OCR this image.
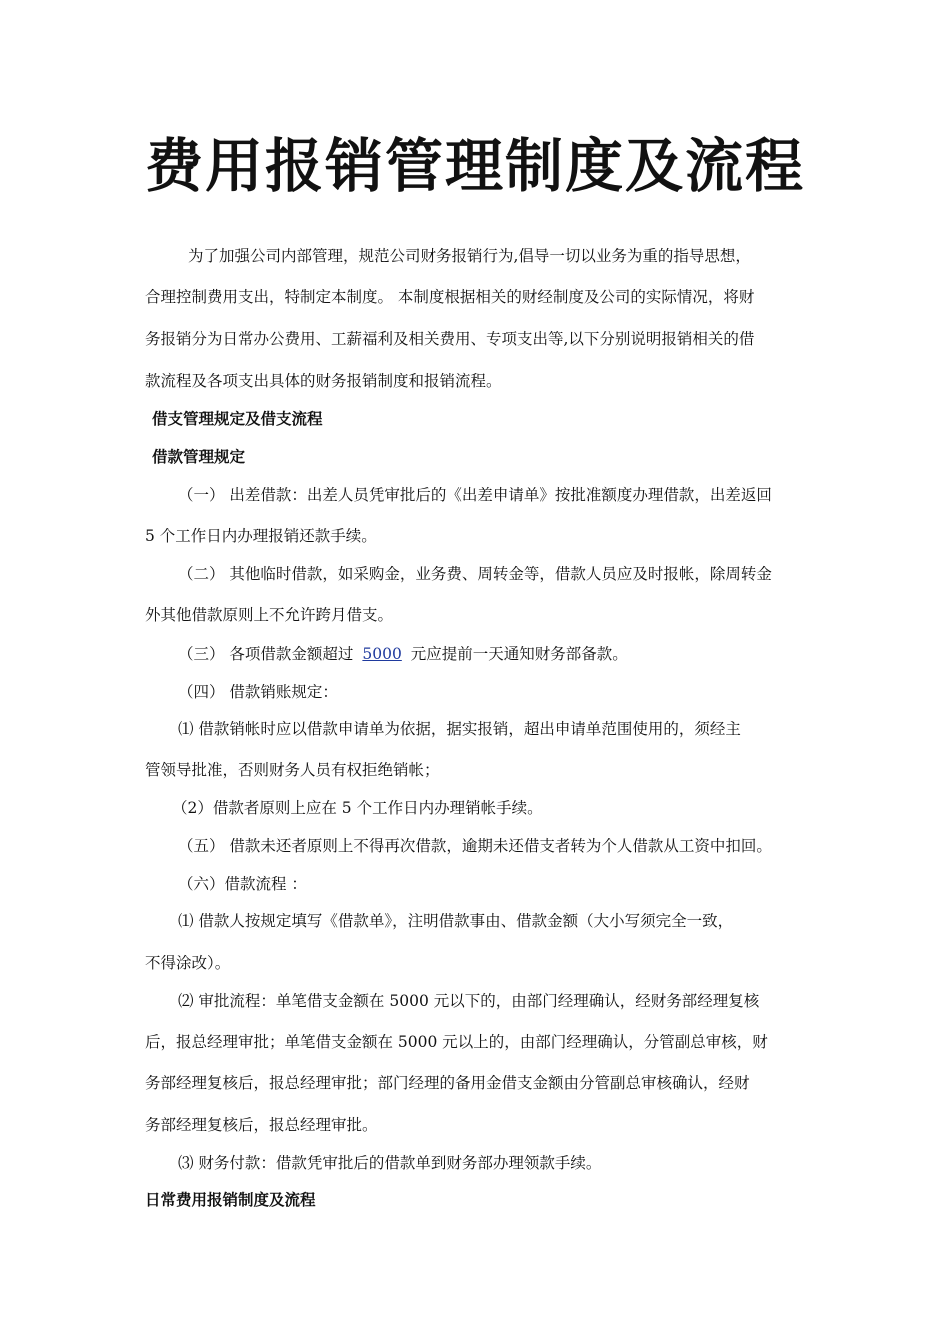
费用报销管理制度及流程
为了加强公司内部管理，规范公司财务报销行为,倡导一切以业务为重的指导思想，
合理控制费用支出，特制定本制度。 本制度根据相关的财经制度及公司的实际情况，将财
务报销分为日常办公费用、工薪福利及相关费用、专项支出等,以下分别说明报销相关的借
款流程及各项支出具体的财务报销制度和报销流程。
借支管理规定及借支流程
借款管理规定
（一） 出差借款：出差人员凭审批后的《出差申请单》按批准额度办理借款，出差返回
5 个工作日内办理报销还款手续。
（二） 其他临时借款，如采购金，业务费、周转金等，借款人员应及时报帐，除周转金
外其他借款原则上不允许跨月借支。
（三） 各项借款金额超过 5000 元应提前一天通知财务部备款。
（四） 借款销账规定：
⑴ 借款销帐时应以借款申请单为依据，据实报销，超出申请单范围使用的，须经主
管领导批准，否则财务人员有权拒绝销帐；
（2）借款者原则上应在 5 个工作日内办理销帐手续。
（五） 借款未还者原则上不得再次借款，逾期未还借支者转为个人借款从工资中扣回。
（六）借款流程 ：
⑴ 借款人按规定填写《借款单》，注明借款事由、借款金额（大小写须完全一致，
不得涂改）。
⑵ 审批流程：单笔借支金额在 5000 元以下的，由部门经理确认，经财务部经理复核
后，报总经理审批；单笔借支金额在 5000 元以上的，由部门经理确认，分管副总审核，财
务部经理复核后，报总经理审批；部门经理的备用金借支金额由分管副总审核确认，经财
务部经理复核后，报总经理审批。
⑶ 财务付款：借款凭审批后的借款单到财务部办理领款手续。
日常费用报销制度及流程
